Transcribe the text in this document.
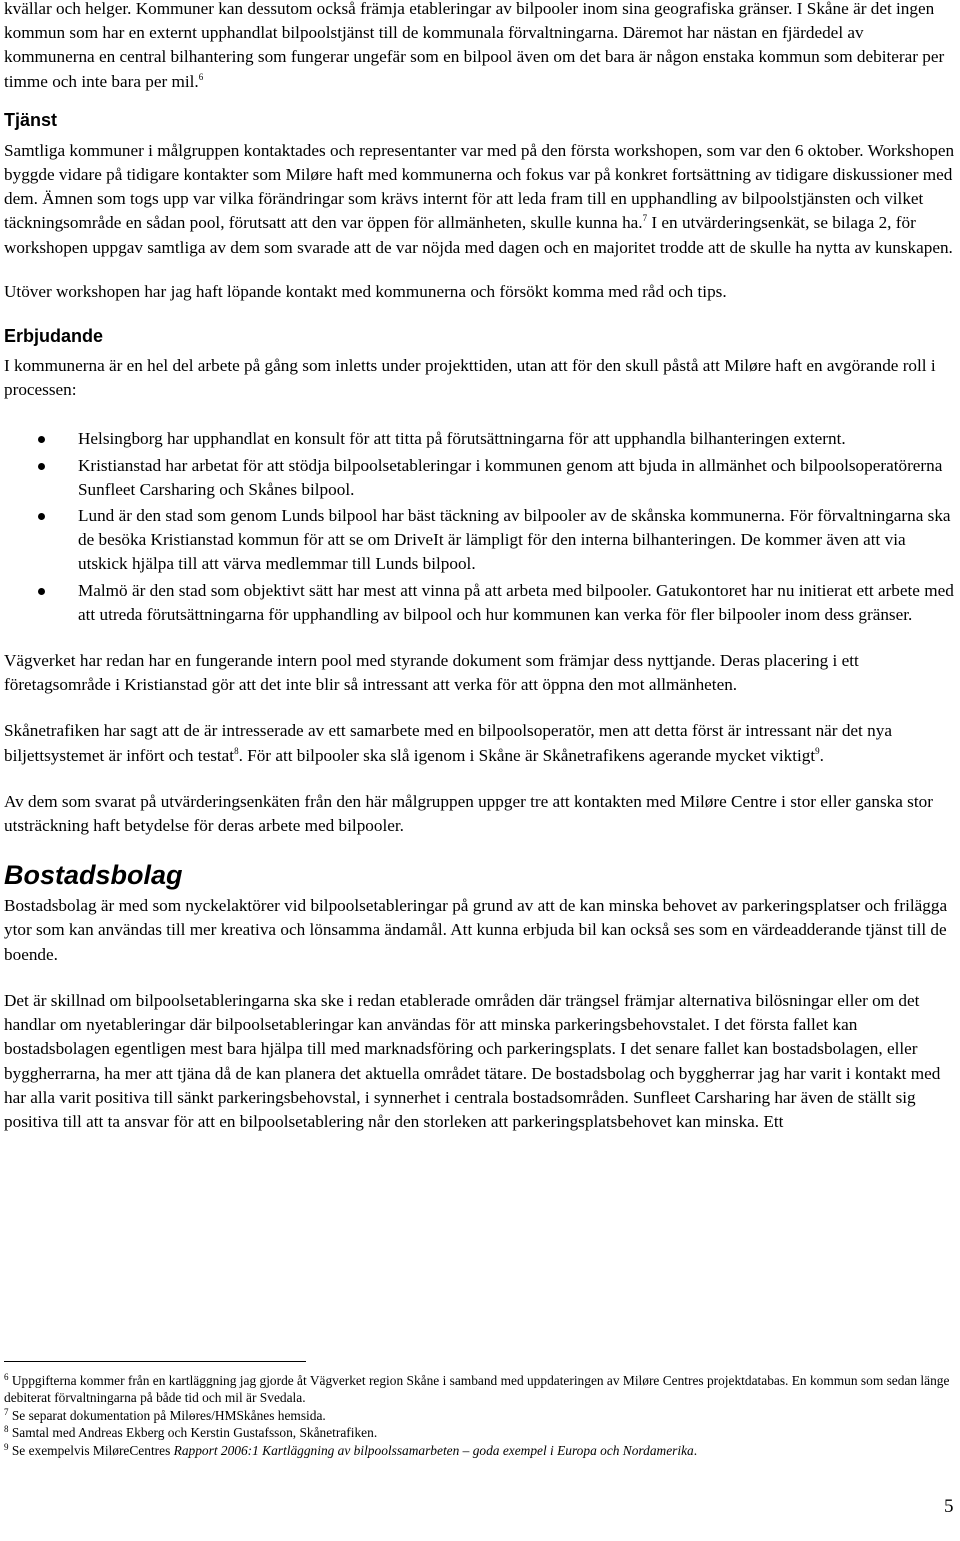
kvällar och helger. Kommuner kan dessutom också främja etableringar av bilpooler inom sina geografiska gränser. I Skåne är det ingen kommun som har en externt upphandlat bilpoolstjänst till de kommunala förvaltningarna. Däremot har nästan en fjärdedel av kommunerna en central bilhantering som fungerar ungefär som en bilpool även om det bara är någon enstaka kommun som debiterar per timme och inte bara per mil.$^6$

Tjänst

Samtliga kommuner i målgruppen kontaktades och representanter var med på den första workshopen, som var den 6 oktober. Workshopen byggde vidare på tidigare kontakter som Miløre haft med kommunerna och fokus var på konkret fortsättning av tidigare diskussioner med dem. Ämnen som togs upp var vilka förändringar som krävs internt för att leda fram till en upphandling av bilpoolstjänsten och vilket täckningsområde en sådan pool, förutsatt att den var öppen för allmänheten, skulle kunna ha.$^7$ I en utvärderingsenkät, se bilaga 2, för workshopen uppgav samtliga av dem som svarade att de var nöjda med dagen och en majoritet trodde att de skulle ha nytta av kunskapen.

Utöver workshopen har jag haft löpande kontakt med kommunerna och försökt komma med råd och tips.

Erbjudande

I kommunerna är en hel del arbete på gång som inletts under projekttiden, utan att för den skull påstå att Miløre haft en avgörande roll i processen:

Helsingborg har upphandlat en konsult för att titta på förutsättningarna för att upphandla bilhanteringen externt.
Kristianstad har arbetat för att stödja bilpoolsetableringar i kommunen genom att bjuda in allmänhet och bilpoolsoperatörerna Sunfleet Carsharing och Skånes bilpool.
Lund är den stad som genom Lunds bilpool har bäst täckning av bilpooler av de skånska kommunerna. För förvaltningarna ska de besöka Kristianstad kommun för att se om DriveIt är lämpligt för den interna bilhanteringen. De kommer även att via utskick hjälpa till att värva medlemmar till Lunds bilpool.
Malmö är den stad som objektivt sätt har mest att vinna på att arbeta med bilpooler. Gatukontoret har nu initierat ett arbete med att utreda förutsättningarna för upphandling av bilpool och hur kommunen kan verka för fler bilpooler inom dess gränser.

Vägverket har redan har en fungerande intern pool med styrande dokument som främjar dess nyttjande. Deras placering i ett företagsområde i Kristianstad gör att det inte blir så intressant att verka för att öppna den mot allmänheten.

Skånetrafiken har sagt att de är intresserade av ett samarbete med en bilpoolsoperatör, men att detta först är intressant när det nya biljettsystemet är infört och testat$^8$. För att bilpooler ska slå igenom i Skåne är Skånetrafikens agerande mycket viktigt$^9$.

Av dem som svarat på utvärderingsenkäten från den här målgruppen uppger tre att kontakten med Miløre Centre i stor eller ganska stor utsträckning haft betydelse för deras arbete med bilpooler.

Bostadsbolag

Bostadsbolag är med som nyckelaktörer vid bilpoolsetableringar på grund av att de kan minska behovet av parkeringsplatser och frilägga ytor som kan användas till mer kreativa och lönsamma ändamål. Att kunna erbjuda bil kan också ses som en värdeadderande tjänst till de boende.

Det är skillnad om bilpoolsetableringarna ska ske i redan etablerade områden där trängsel främjar alternativa bilösningar eller om det handlar om nyetableringar där bilpoolsetableringar kan användas för att minska parkeringsbehovstalet. I det första fallet kan bostadsbolagen egentligen mest bara hjälpa till med marknadsföring och parkeringsplats. I det senare fallet kan bostadsbolagen, eller byggherrarna, ha mer att tjäna då de kan planera det aktuella området tätare. De bostadsbolag och byggherrar jag har varit i kontakt med har alla varit positiva till sänkt parkeringsbehovstal, i synnerhet i centrala bostadsområden. Sunfleet Carsharing har även de ställt sig positiva till att ta ansvar för att en bilpoolsetablering når den storleken att parkeringsplatsbehovet kan minska. Ett

$^6$ Uppgifterna kommer från en kartläggning jag gjorde åt Vägverket region Skåne i samband med uppdateringen av Miløre Centres projektdatabas. En kommun som sedan länge debiterat förvaltningarna på både tid och mil är Svedala.

$^7$ Se separat dokumentation på Milөres/HMSkånes hemsida.

$^8$ Samtal med Andreas Ekberg och Kerstin Gustafsson, Skånetrafiken.

$^9$ Se exempelvis MiløreCentres Rapport 2006:1 Kartläggning av bilpoolssamarbeten – goda exempel i Europa och Nordamerika.

5
